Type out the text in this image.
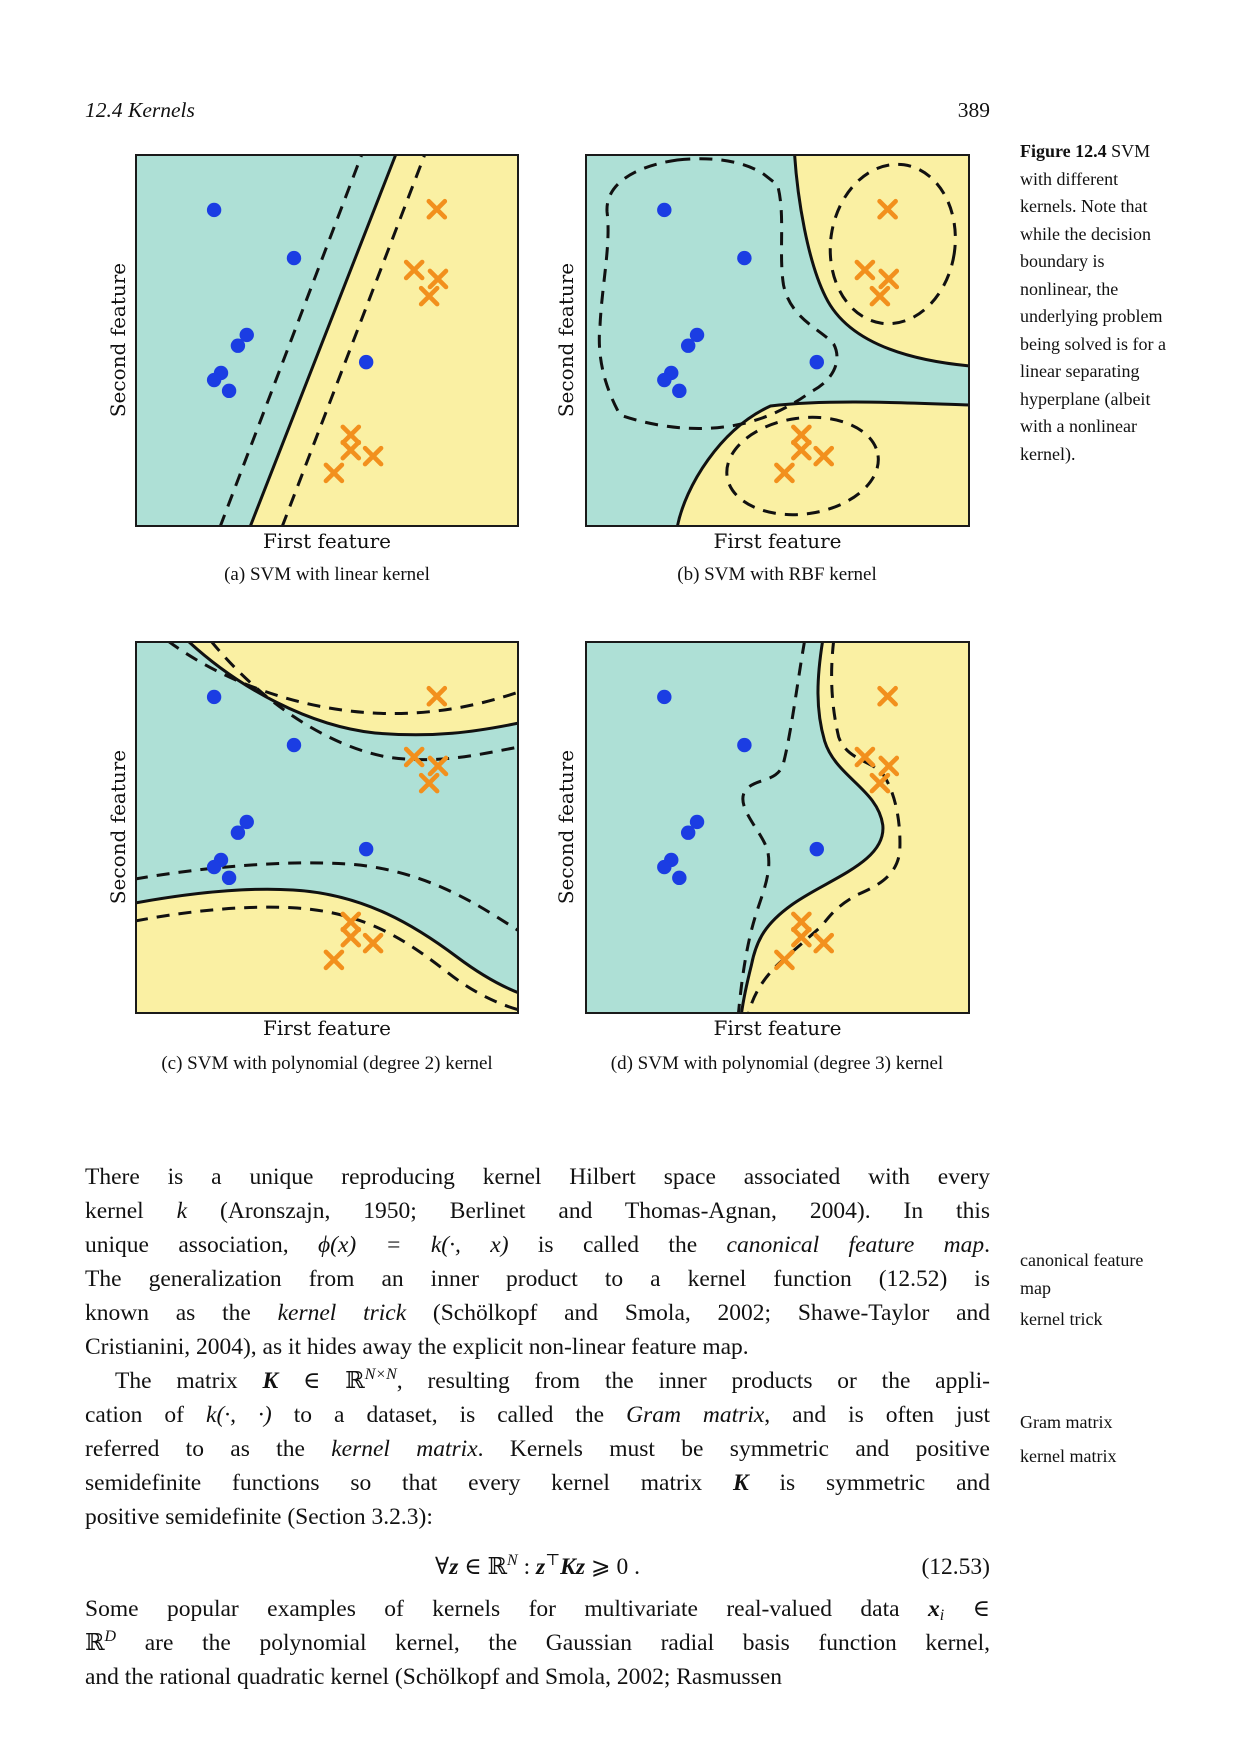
12.4 Kernels	389
Second feature
First feature
(a) SVM with linear kernel
Second feature
First feature
(b) SVM with RBF kernel
Second feature
First feature
(c) SVM with polynomial (degree 2) kernel
Second feature
First feature
(d) SVM with polynomial (degree 3) kernel
Figure 12.4 SVM
with different
kernels. Note that
while the decision
boundary is
nonlinear, the
underlying problem
being solved is for a
linear separating
hyperplane (albeit
with a nonlinear
kernel).
canonical feature
map
kernel trick
Gram matrix
kernel matrix
There is a unique reproducing kernel Hilbert space associated with every
kernel k (Aronszajn, 1950; Berlinet and Thomas-Agnan, 2004). In this
unique association, ϕ(x) = k(·, x) is called the canonical feature map.
The generalization from an inner product to a kernel function (12.52) is
known as the kernel trick (Schölkopf and Smola, 2002; Shawe-Taylor and
Cristianini, 2004), as it hides away the explicit non-linear feature map.
The matrix K ∈ ℝ$^{N\times N}$, resulting from the inner products or the appli-
cation of k(·, ·) to a dataset, is called the Gram matrix, and is often just
referred to as the kernel matrix. Kernels must be symmetric and positive
semidefinite functions so that every kernel matrix K is symmetric and
positive semidefinite (Section 3.2.3):
∀z ∈ ℝ$^N$ : z⊤Kz ⩾ 0 .	(12.53)
Some popular examples of kernels for multivariate real-valued data xi ∈
ℝ$^D$ are the polynomial kernel, the Gaussian radial basis function kernel,
and the rational quadratic kernel (Schölkopf and Smola, 2002; Rasmussen
